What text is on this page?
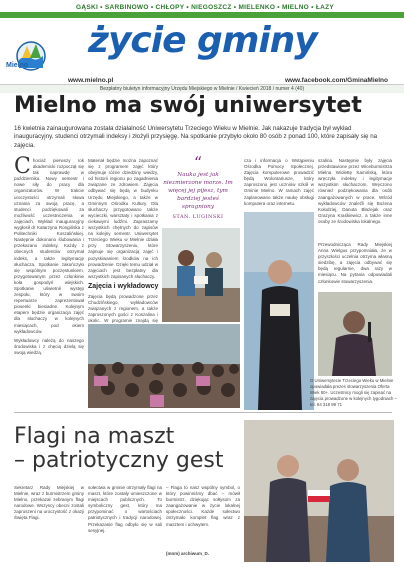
GĄSKI • SARBINOWO • CHŁOPY • NIEGOSZCZ • MIELENKO • MIELNO • ŁAZY
Mielno
życie gminy
www.mielno.pl	www.facebook.com/GminaMielno
Bezpłatny biuletyn informacyjny Urzędu Miejskiego w Mielnie / Kwiecień 2018 / numer 4 (40)
Mielno ma swój uniwersytet
16 kwietnia zainaugurowana została działalność Uniwersytetu Trzeciego Wieku w Mielnie. Jak nakazuje tradycja był wykład inauguracyjny, studenci otrzymali indeksy i złożyli przysięgę. Na spotkanie przybyło około 80 osób z ponad 100, które zapisały się na zajęcia.
Chociaż pierwszy rok akademicki rozpoczął się tak naprawdę w październiku. Nowy semestr i nowe siły do pracy dla organizatorów. W trakcie uroczystości otrzymali słowa uznania za swoją pracę, a studenci podziękowali za możliwość uczestniczenia w zajęciach. Wykład inauguracyjny wygłosił dr Katarzyna Rongińska z Politechniki Koszalińskiej. Następnie dokonano ślubowania i przekazano indeksy. Każdy z obecnych studentów otrzymał indeks, a także legitymację słuchacza. Spotkanie zakończyło się wspólnym poczęstunkiem, przygotowanym przez członkinie koła gospodyń wiejskich. Spotkanie uświetnił występ zespołu, który w swoim repertuarze zaprezentował piosenki biesiadne. Kolejnym etapem będzie organizacja zajęć dla słuchaczy w kolejnych miesiącach, pod okiem wykładowców.

Wykładowcy należą do naszego środowiska i z chęcią dzielą się swoją wiedzą.

Materiał będzie można zapoznać się z programem zajęć który obejmuje różne dziedziny wiedzy, od historii regionu po zagadnienia związane ze zdrowiem. Zajęcia odbywać się będą w budynku Urzędu Miejskiego, a także w Gminnym Ośrodku Kultury. Dla słuchaczy przygotowano także wycieczki, warsztaty i spotkania z ciekawymi ludźmi. Zapraszamy wszystkich chętnych do zapisów na kolejny semestr. Uniwersytet Trzeciego Wieku w Mielnie działa przy Stowarzyszeniu, które zajmuje się organizacją zajęć i pozyskiwaniem środków na ich prowadzenie. Dzięki temu udział w zajęciach jest bezpłatny dla wszystkich zapisanych słuchaczy.
Zajęcia i wykładowcy
Zajęcia będą prowadzone przez Chudzińskiego, wykładowców związanych z regionem, a także zaproszonych gości z Koszalina i okolic. W programie znajdą się
“
Nauka jest jak niezmierzone morze. Im więcej jej pijesz, tym bardziej jesteś spragniony
STAN. LUGINSKI
cza i informacja o Wstąpieniu Ośrodka Pomocy Społecznej. Zajęcia komputerowe prowadzić będą Wolontariusze, który zaproszono jest uczniów szkół w Gminie Mielno. W ramach zajęć zaplanowano także naukę obsługi komputera oraz internetu.
szalina. Następnie były zajęcia przedstawione przez Wiceburmistrza Mielna Wiolettę Kamińską, która wręczyła indeksy i legitymacje wszystkim słuchaczom. Wręczono również podziękowania dla osób zaangażowanych w prace. Wśród wykładowców znaleźli się Bożena Kołodziej, Danuta Błażejak oraz Grażyna Kraśkiewicz, a także inne osoby ze środowiska lokalnego.
Przewodnicząca Rady Miejskiej Anna Wielgus przypomniała, że w przyszłości uczelnia otrzyma własną siedzibę, a zajęcia odbywać się będą regularnie, dwa razy w miesiącu. Na pytania odpowiadali członkowie stowarzyszenia.
O Uniwersytecie Trzeciego Wieku w Mielnie opowiadała prezes stowarzyszenia Oferta Wiek 50+. Uczestnicy mogli się zapisać na zajęcia prowadzone w kolejnych tygodniach – tel. 94 318 99 71
Flagi na maszt
– patriotyczny gest
Sekretarz Rady Miejskiej w Mielnie, wraz z burmistrzem gminy Mielno, przekazał zebranym flagi narodowe. Wszyscy obecni zostali zaproszeni na uroczystość z okazji Święta Flagi.
sołectwa w gminie otrzymały flagi na maszt, które zostały umieszczone w miejscach publicznych. To symboliczny gest, który ma przypominać o wartościach patriotycznych i tradycji narodowej. Przekazanie flag odbyło się w sali sesyjnej.
– Flaga to nasz wspólny symbol, o który powinniśmy dbać – mówił burmistrz, dziękując sołtysom za zaangażowanie w życie lokalnej społeczności. Każde sołectwo otrzymało komplet flag wraz z masztem i uchwytem.
(mnm) archiwum_D.
